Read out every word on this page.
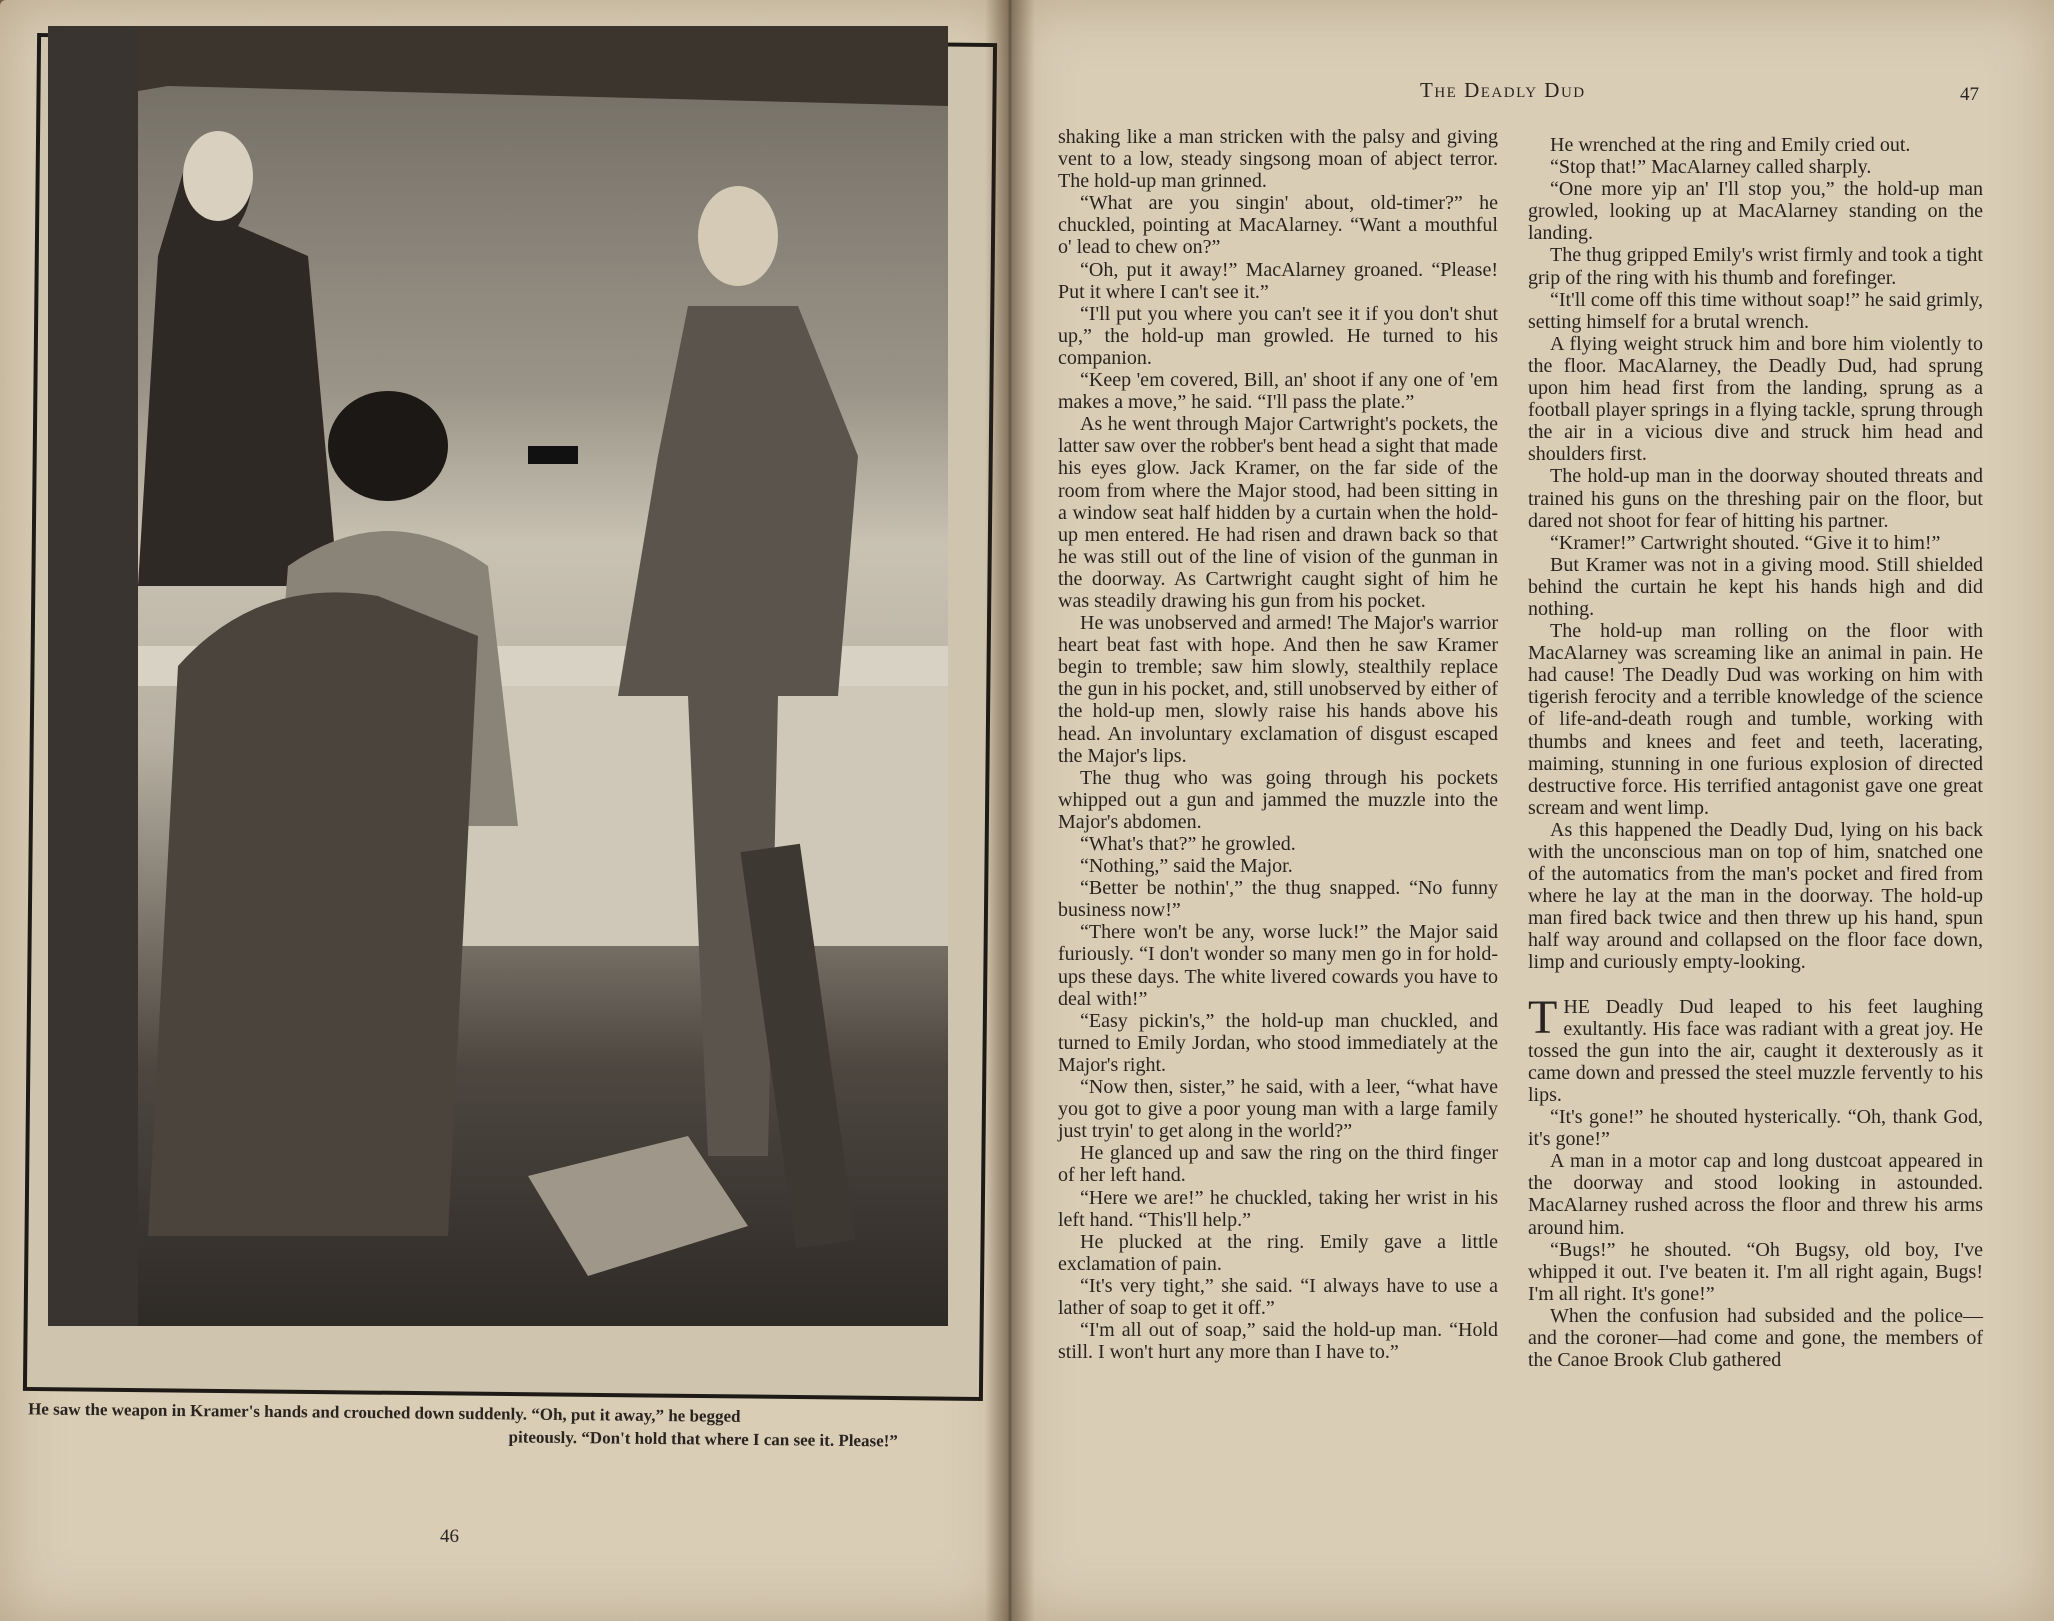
He saw the weapon in Kramer's hands and crouched down suddenly. “Oh, put it away,” he begged
piteously. “Don't hold that where I can see it. Please!”
46
The Deadly Dud	47

shaking like a man stricken with the palsy and giving vent to a low, steady singsong moan of abject terror. The hold-up man grinned.

“What are you singin' about, old-timer?” he chuckled, pointing at MacAlarney. “Want a mouthful o' lead to chew on?”

“Oh, put it away!” MacAlarney groaned. “Please! Put it where I can't see it.”

“I'll put you where you can't see it if you don't shut up,” the hold-up man growled. He turned to his companion.

“Keep 'em covered, Bill, an' shoot if any one of 'em makes a move,” he said. “I'll pass the plate.”

As he went through Major Cartwright's pockets, the latter saw over the robber's bent head a sight that made his eyes glow. Jack Kramer, on the far side of the room from where the Major stood, had been sitting in a window seat half hidden by a curtain when the hold-up men entered. He had risen and drawn back so that he was still out of the line of vision of the gunman in the doorway. As Cartwright caught sight of him he was steadily drawing his gun from his pocket.

He was unobserved and armed! The Major's warrior heart beat fast with hope. And then he saw Kramer begin to tremble; saw him slowly, stealthily replace the gun in his pocket, and, still unobserved by either of the hold-up men, slowly raise his hands above his head. An involuntary exclamation of disgust escaped the Major's lips.

The thug who was going through his pockets whipped out a gun and jammed the muzzle into the Major's abdomen.

“What's that?” he growled.

“Nothing,” said the Major.

“Better be nothin',” the thug snapped. “No funny business now!”

“There won't be any, worse luck!” the Major said furiously. “I don't wonder so many men go in for hold-ups these days. The white livered cowards you have to deal with!”

“Easy pickin's,” the hold-up man chuckled, and turned to Emily Jordan, who stood immediately at the Major's right.

“Now then, sister,” he said, with a leer, “what have you got to give a poor young man with a large family just tryin' to get along in the world?”

He glanced up and saw the ring on the third finger of her left hand.

“Here we are!” he chuckled, taking her wrist in his left hand. “This'll help.”

He plucked at the ring. Emily gave a little exclamation of pain.

“It's very tight,” she said. “I always have to use a lather of soap to get it off.”

“I'm all out of soap,” said the hold-up man. “Hold still. I won't hurt any more than I have to.”

He wrenched at the ring and Emily cried out.

“Stop that!” MacAlarney called sharply.

“One more yip an' I'll stop you,” the hold-up man growled, looking up at MacAlarney standing on the landing.

The thug gripped Emily's wrist firmly and took a tight grip of the ring with his thumb and forefinger.

“It'll come off this time without soap!” he said grimly, setting himself for a brutal wrench.

A flying weight struck him and bore him violently to the floor. MacAlarney, the Deadly Dud, had sprung upon him head first from the landing, sprung as a football player springs in a flying tackle, sprung through the air in a vicious dive and struck him head and shoulders first.

The hold-up man in the doorway shouted threats and trained his guns on the threshing pair on the floor, but dared not shoot for fear of hitting his partner.

“Kramer!” Cartwright shouted. “Give it to him!”

But Kramer was not in a giving mood. Still shielded behind the curtain he kept his hands high and did nothing.

The hold-up man rolling on the floor with MacAlarney was screaming like an animal in pain. He had cause! The Deadly Dud was working on him with tigerish ferocity and a terrible knowledge of the science of life-and-death rough and tumble, working with thumbs and knees and feet and teeth, lacerating, maiming, stunning in one furious explosion of directed destructive force. His terrified antagonist gave one great scream and went limp.

As this happened the Deadly Dud, lying on his back with the unconscious man on top of him, snatched one of the automatics from the man's pocket and fired from where he lay at the man in the doorway. The hold-up man fired back twice and then threw up his hand, spun half way around and collapsed on the floor face down, limp and curiously empty-looking.

THE Deadly Dud leaped to his feet laughing exultantly. His face was radiant with a great joy. He tossed the gun into the air, caught it dexterously as it came down and pressed the steel muzzle fervently to his lips.

“It's gone!” he shouted hysterically. “Oh, thank God, it's gone!”

A man in a motor cap and long dustcoat appeared in the doorway and stood looking in astounded. MacAlarney rushed across the floor and threw his arms around him.

“Bugs!” he shouted. “Oh Bugsy, old boy, I've whipped it out. I've beaten it. I'm all right again, Bugs! I'm all right. It's gone!”

When the confusion had subsided and the police—and the coroner—had come and gone, the members of the Canoe Brook Club gathered
